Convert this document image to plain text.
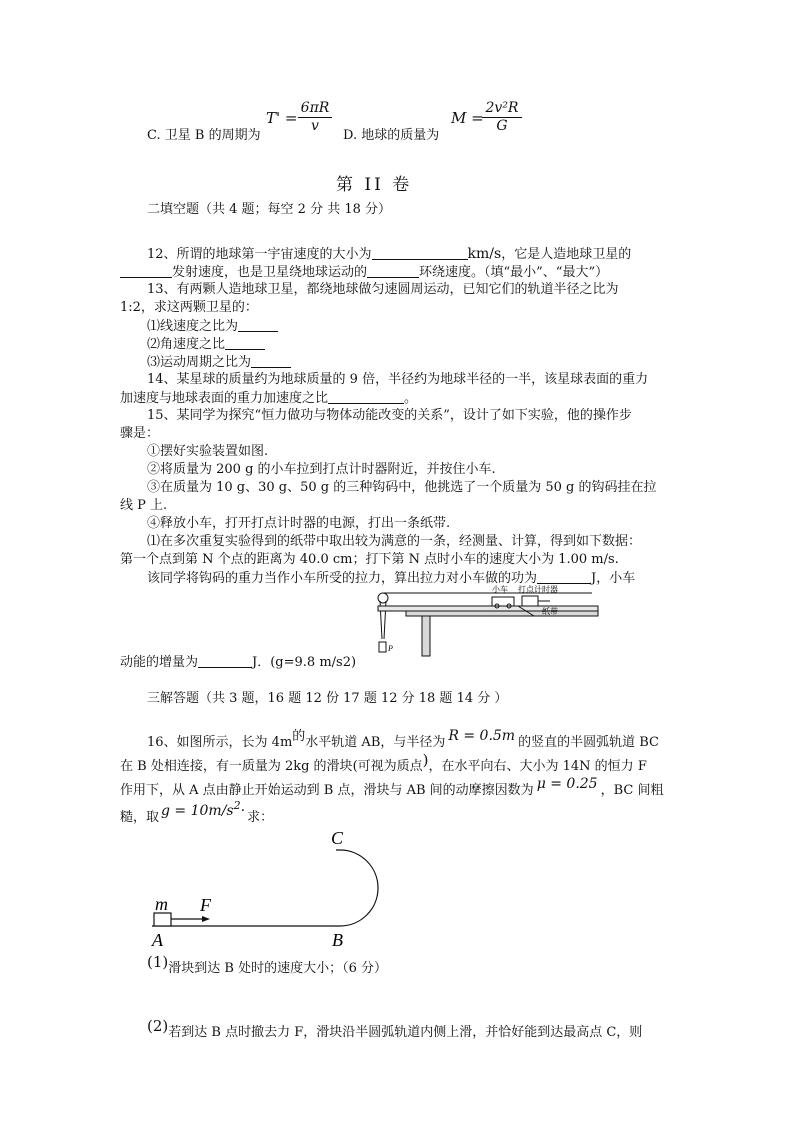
$T' = \frac{6\pi R}{v}$	M =
$\frac{\text{2v²R}}{G}$
C. 卫星 B 的周期为	D. 地球的质量为
第 II 卷
二填空题（共 4 题；每空 2 分 共 18 分）
12、所谓的地球第一宇宙速度的大小为	km/s，它是人造地球卫星的
发射速度，也是卫星绕地球运动的	环绕速度。（填“最小”、“最大”）
13、有两颗人造地球卫星，都绕地球做匀速圆周运动，已知它们的轨道半径之比为
1:2，求这两颗卫星的：
⑴线速度之比为
⑵角速度之比
⑶运动周期之比为
14、某星球的质量约为地球质量的 9 倍，半径约为地球半径的一半，该星球表面的重力
加速度与地球表面的重力加速度之比	。
15、某同学为探究“恒力做功与物体动能改变的关系”，设计了如下实验，他的操作步
骤是：
①摆好实验装置如图.
②将质量为 200 g 的小车拉到打点计时器附近，并按住小车.
③在质量为 10 g、30 g、50 g 的三种钩码中，他挑选了一个质量为 50 g 的钩码挂在拉
线 P 上.
④释放小车，打开打点计时器的电源，打出一条纸带.
⑴在多次重复实验得到的纸带中取出较为满意的一条，经测量、计算，得到如下数据：
第一个点到第 N 个点的距离为 40.0 cm；打下第 N 点时小车的速度大小为 1.00 m/s.
该同学将钩码的重力当作小车所受的拉力，算出拉力对小车做的功为	J，小车
小车 打点计时器
纸带
P
动能的增量为	J．(g=9.8 m/s2)
三解答题（共 3 题，16 题 12 份 17 题 12 分 18 题 14 分 ）
16、如图所示，长为 4m的水平轨道 AB，与半径为 R = 0.5m 的竖直的半圆弧轨道 BC
在 B 处相连接，有一质量为 2kg 的滑块(可视为质点)，在水平向右、大小为 14N 的恒力 F
作用下，从 A 点由静止开始运动到 B 点，滑块与 AB 间的动摩擦因数为 μ = 0.25 ，BC 间粗
糙，取 $g = 10m/s^2\cdot$ 求：
C
m F
A	B
(1)滑块到达 B 处时的速度大小；（6 分）
(2)若到达 B 点时撤去力 F，滑块沿半圆弧轨道内侧上滑，并恰好能到达最高点 C，则
